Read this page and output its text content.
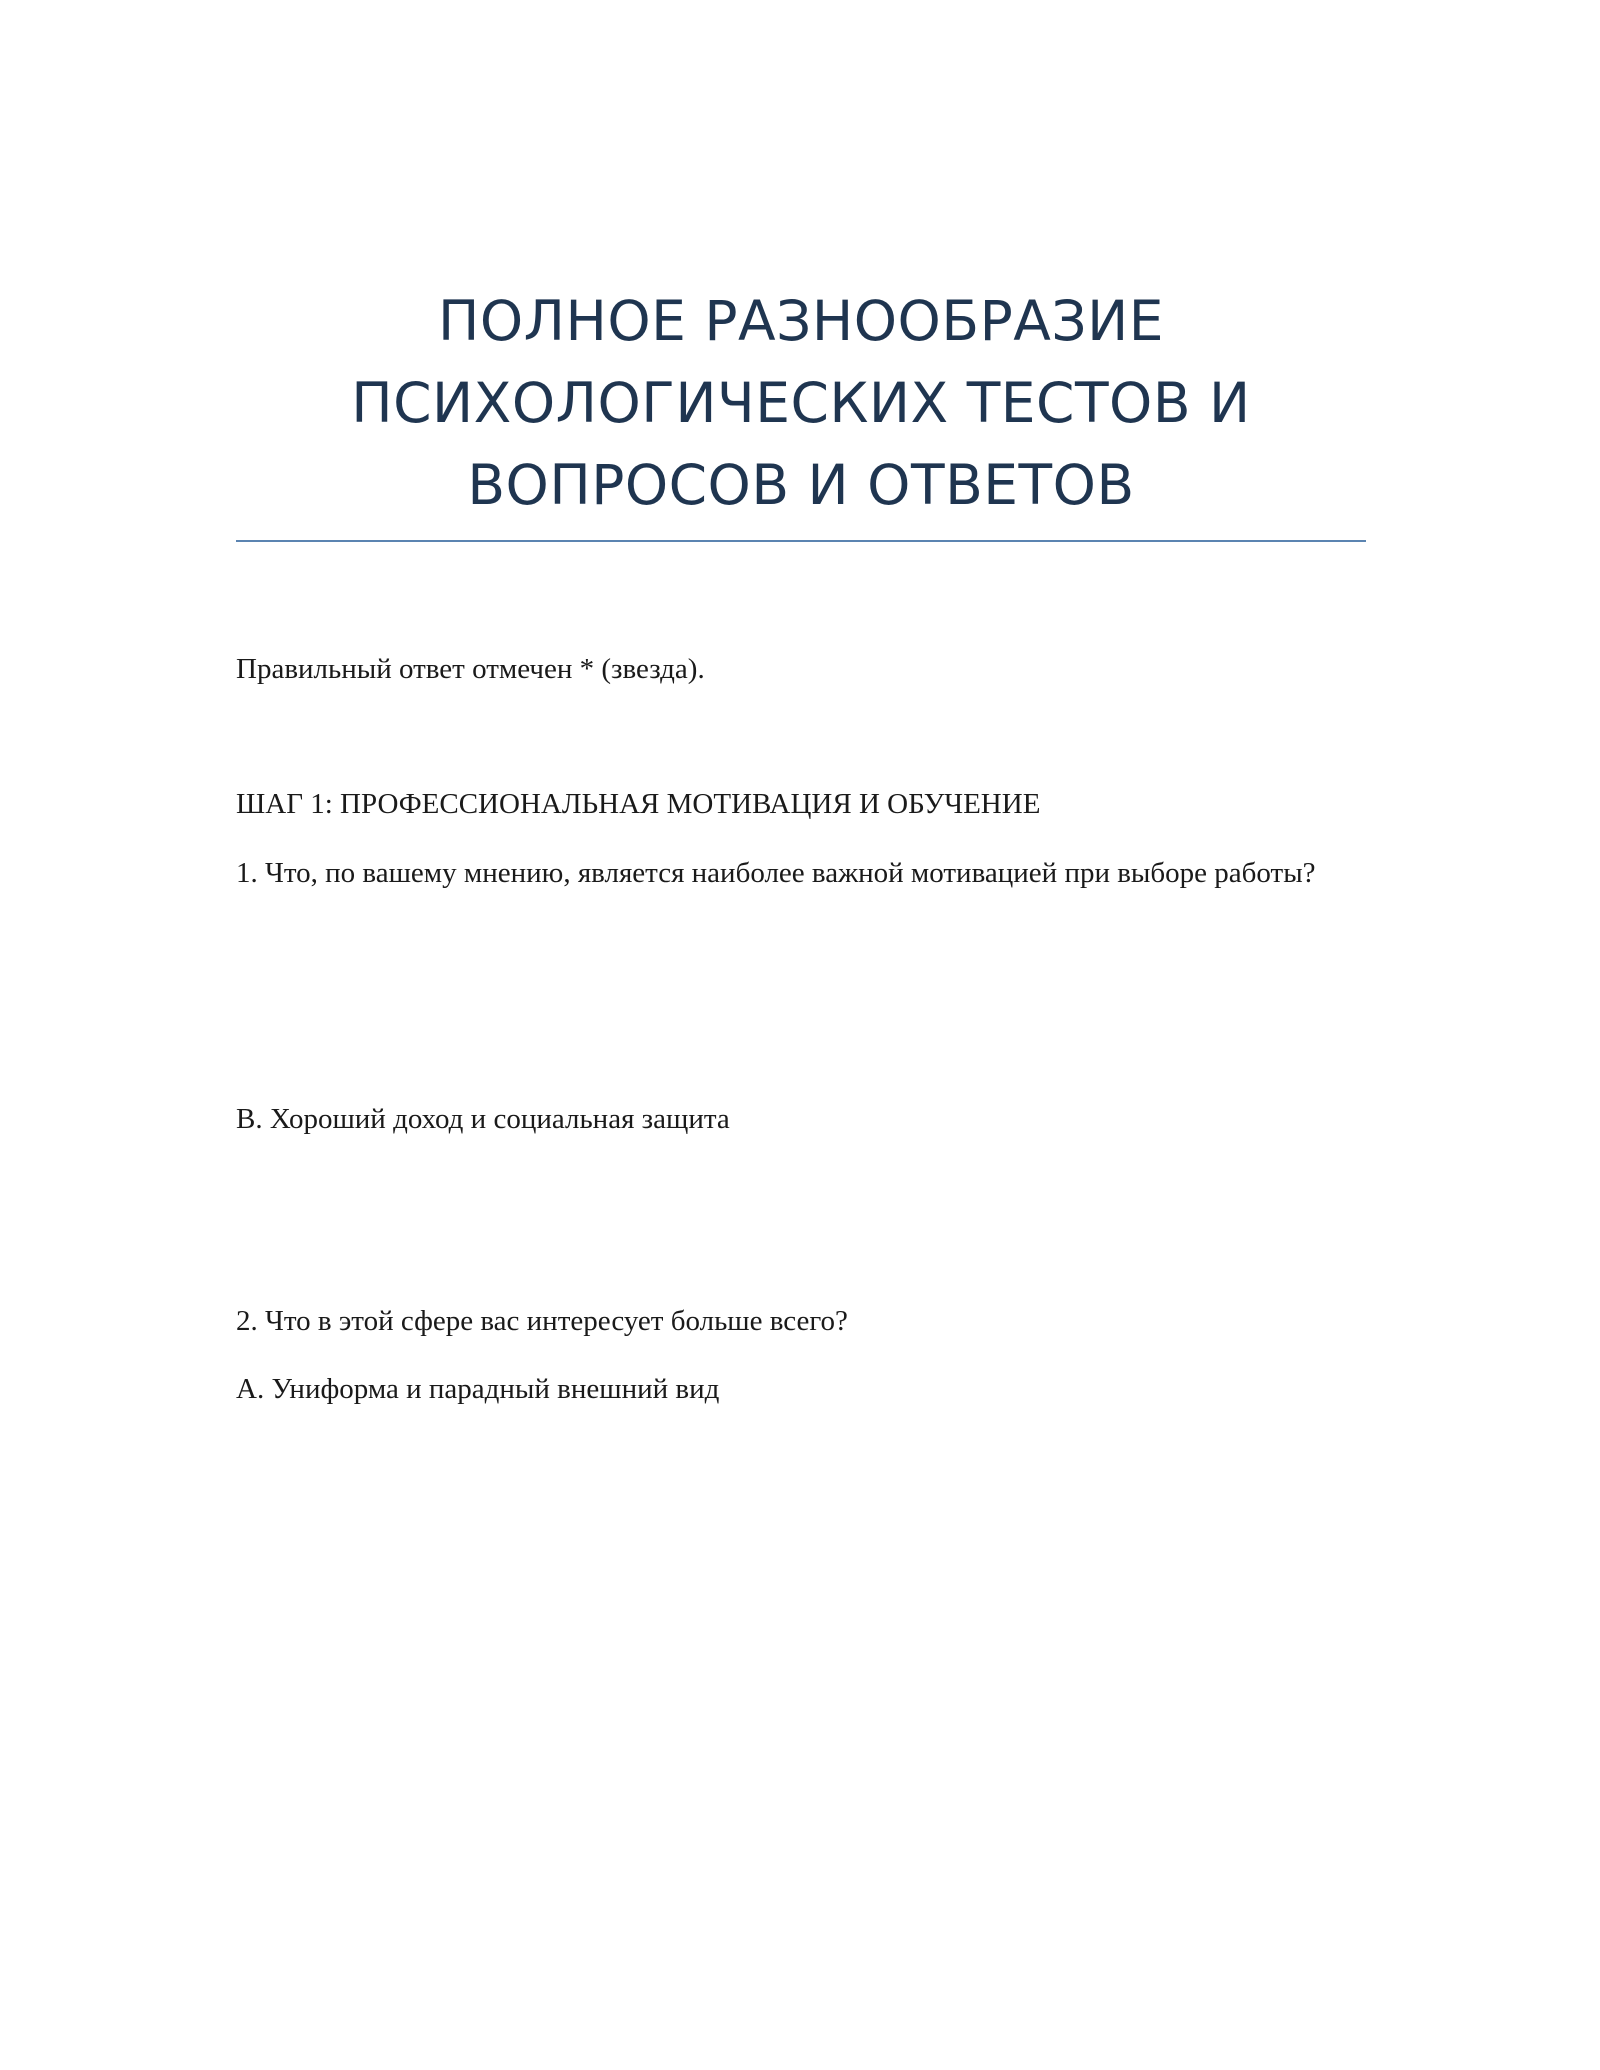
ПОЛНОЕ РАЗНООБРАЗИЕ
ПСИХОЛОГИЧЕСКИХ ТЕСТОВ И
ВОПРОСОВ И ОТВЕТОВ
Правильный ответ отмечен * (звезда).
ШАГ 1: ПРОФЕССИОНАЛЬНАЯ МОТИВАЦИЯ И ОБУЧЕНИЕ
1. Что, по вашему мнению, является наиболее важной мотивацией при выборе работы?
B. Хороший доход и социальная защита
2. Что в этой сфере вас интересует больше всего?
A. Униформа и парадный внешний вид
